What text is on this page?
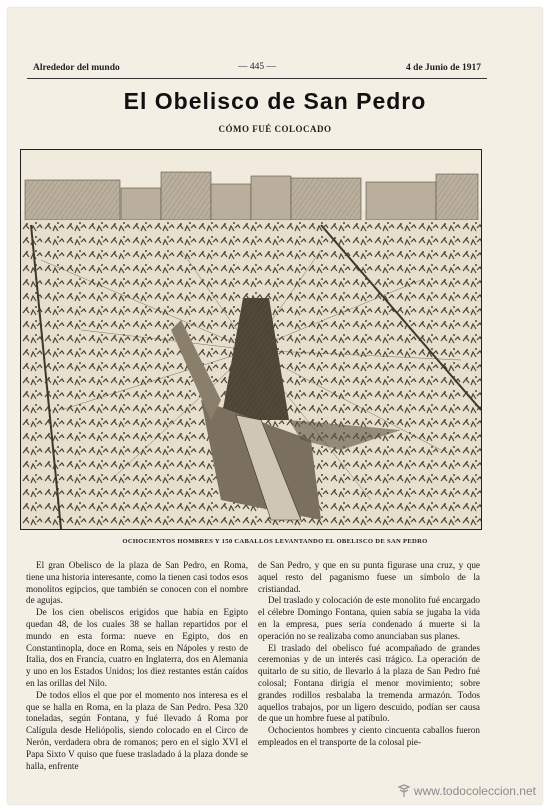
Alrededor del mundo	— 445 —	4 de Junio de 1917
El Obelisco de San Pedro
CÓMO FUÉ COLOCADO
OCHOCIENTOS HOMBRES Y 150 CABALLOS LEVANTANDO EL OBELISCO DE SAN PEDRO

El gran Obelisco de la plaza de San Pedro, en Roma, tiene una historia interesante, como la tienen casi todos esos monolitos egipcios, que también se conocen con el nombre de agujas.

De los cien obeliscos erigidos que había en Egipto quedan 48, de los cuales 38 se hallan repartidos por el mundo en esta forma: nueve en Egipto, dos en Constantinopla, doce en Roma, seis en Nápoles y resto de Italia, dos en Francia, cuatro en Inglaterra, dos en Alemania y uno en los Estados Unidos; los diez restantes están caídos en las orillas del Nilo.

De todos ellos el que por el momento nos interesa es el que se halla en Roma, en la plaza de San Pedro. Pesa 320 toneladas, según Fontana, y fué llevado á Roma por Calígula desde Heliópolis, siendo colocado en el Circo de Nerón, verdadera obra de romanos; pero en el siglo XVI el Papa Sixto V quiso que fuese trasladado á la plaza donde se halla, enfrente

de San Pedro, y que en su punta figurase una cruz, y que aquel resto del paganismo fuese un símbolo de la cristiandad.

Del traslado y colocación de este monolito fué encargado el célebre Domingo Fontana, quien sabía se jugaba la vida en la empresa, pues sería condenado á muerte si la operación no se realizaba como anunciaban sus planes.

El traslado del obelisco fué acompañado de grandes ceremonias y de un interés casi trágico. La operación de quitarlo de su sitio, de llevarlo á la plaza de San Pedro fué colosal; Fontana dirigía el menor movimiento; sobre grandes rodillos resbalaba la tremenda armazón. Todos aquellos trabajos, por un ligero descuido, podían ser causa de que un hombre fuese al patíbulo.

Ochocientos hombres y ciento cincuenta caballos fueron empleados en el transporte de la colosal pie-

www.todocoleccion.net
